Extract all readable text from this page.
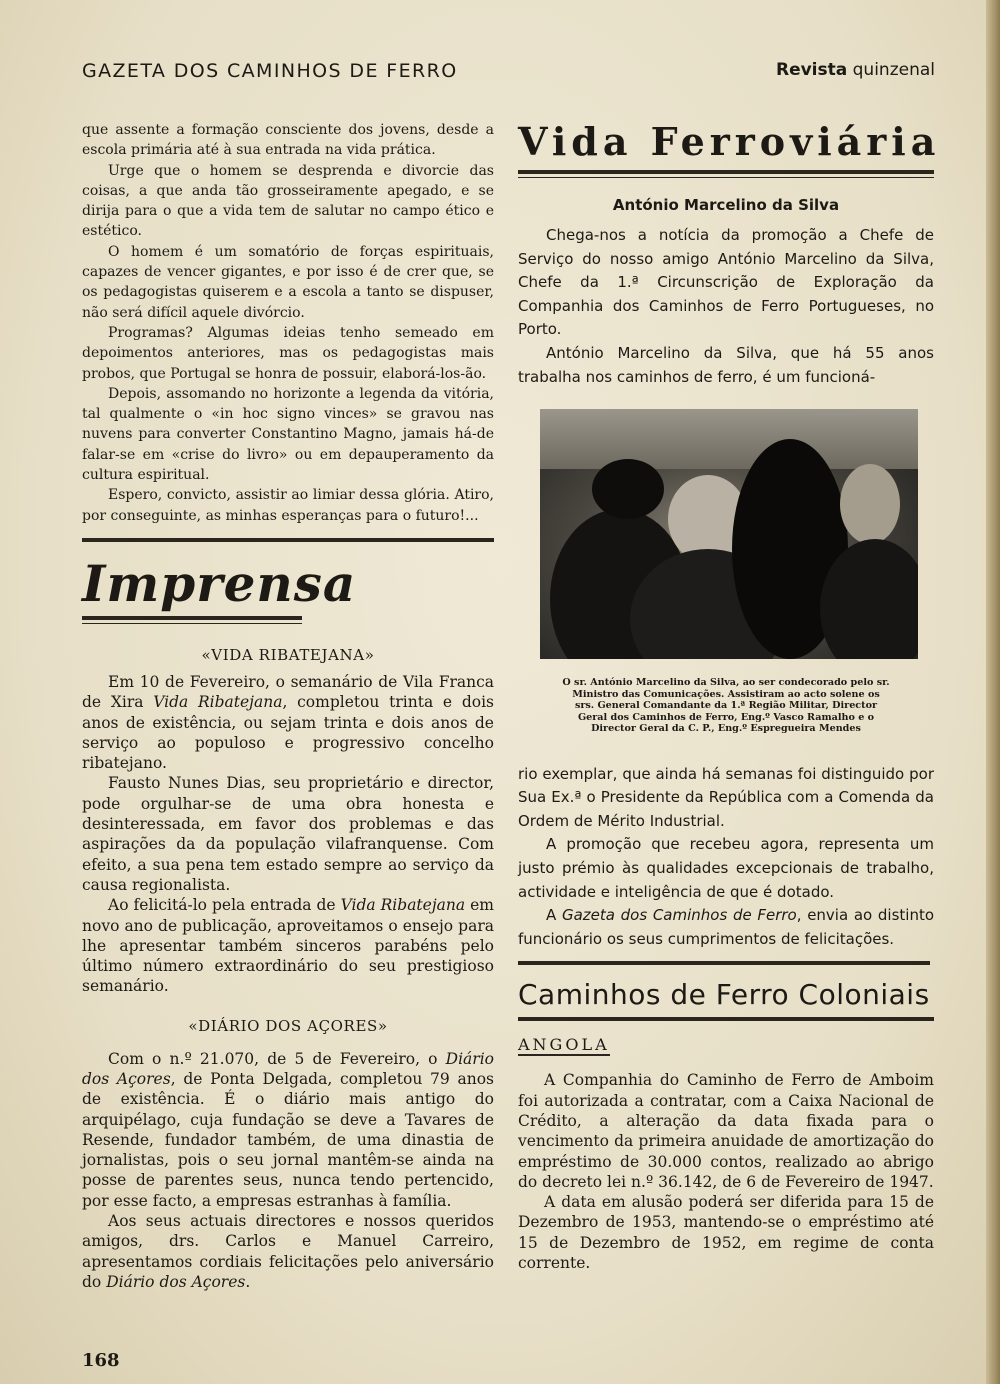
GAZETA DOS CAMINHOS DE FERRO	Revista quinzenal

que assente a formação consciente dos jovens, desde a escola primária até à sua entrada na vida prática.

Urge que o homem se desprenda e divorcie das coisas, a que anda tão grosseiramente apegado, e se dirija para o que a vida tem de salutar no campo ético e estético.

O homem é um somatório de forças espirituais, capazes de vencer gigantes, e por isso é de crer que, se os pedagogistas quiserem e a escola a tanto se dispuser, não será difícil aquele divórcio.

Programas? Algumas ideias tenho semeado em depoimentos anteriores, mas os pedagogistas mais probos, que Portugal se honra de possuir, elaborá-los-ão.

Depois, assomando no horizonte a legenda da vitória, tal qualmente o «in hoc signo vinces» se gravou nas nuvens para converter Constantino Magno, jamais há-de falar-se em «crise do livro» ou em depauperamento da cultura espiritual.

Espero, convicto, assistir ao limiar dessa glória. Atiro, por conseguinte, as minhas esperanças para o futuro!...

Imprensa

«VIDA RIBATEJANA»

Em 10 de Fevereiro, o semanário de Vila Franca de Xira Vida Ribatejana, completou trinta e dois anos de existência, ou sejam trinta e dois anos de serviço ao populoso e progressivo concelho ribatejano.

Fausto Nunes Dias, seu proprietário e director, pode orgulhar-se de uma obra honesta e desinteressada, em favor dos problemas e das aspirações da da população vilafranquense. Com efeito, a sua pena tem estado sempre ao serviço da causa regionalista.

Ao felicitá-lo pela entrada de Vida Ribatejana em novo ano de publicação, aproveitamos o ensejo para lhe apresentar também sinceros parabéns pelo último número extraordinário do seu prestigioso semanário.

«DIÁRIO DOS AÇORES»

Com o n.º 21.070, de 5 de Fevereiro, o Diário dos Açores, de Ponta Delgada, completou 79 anos de existência. É o diário mais antigo do arquipélago, cuja fundação se deve a Tavares de Resende, fundador também, de uma dinastia de jornalistas, pois o seu jornal mantêm-se ainda na posse de parentes seus, nunca tendo pertencido, por esse facto, a empresas estranhas à família.

Aos seus actuais directores e nossos queridos amigos, drs. Carlos e Manuel Carreiro, apresentamos cordiais felicitações pelo aniversário do Diário dos Açores.

Vida Ferroviária

António Marcelino da Silva

Chega-nos a notícia da promoção a Chefe de Serviço do nosso amigo António Marcelino da Silva, Chefe da 1.ª Circunscrição de Exploração da Companhia dos Caminhos de Ferro Portugueses, no Porto.

António Marcelino da Silva, que há 55 anos trabalha nos caminhos de ferro, é um funcioná-

O sr. António Marcelino da Silva, ao ser condecorado pelo sr. Ministro das Comunicações. Assistiram ao acto solene os srs. General Comandante da 1.ª Região Militar, Director Geral dos Caminhos de Ferro, Eng.º Vasco Ramalho e o Director Geral da C. P., Eng.º Espregueira Mendes

rio exemplar, que ainda há semanas foi distinguido por Sua Ex.ª o Presidente da República com a Comenda da Ordem de Mérito Industrial.

A promoção que recebeu agora, representa um justo prémio às qualidades excepcionais de trabalho, actividade e inteligência de que é dotado.

A Gazeta dos Caminhos de Ferro, envia ao distinto funcionário os seus cumprimentos de felicitações.

Caminhos de Ferro Coloniais

ANGOLA

A Companhia do Caminho de Ferro de Amboim foi autorizada a contratar, com a Caixa Nacional de Crédito, a alteração da data fixada para o vencimento da primeira anuidade de amortização do empréstimo de 30.000 contos, realizado ao abrigo do decreto lei n.º 36.142, de 6 de Fevereiro de 1947.

A data em alusão poderá ser diferida para 15 de Dezembro de 1953, mantendo-se o empréstimo até 15 de Dezembro de 1952, em regime de conta corrente.

168
